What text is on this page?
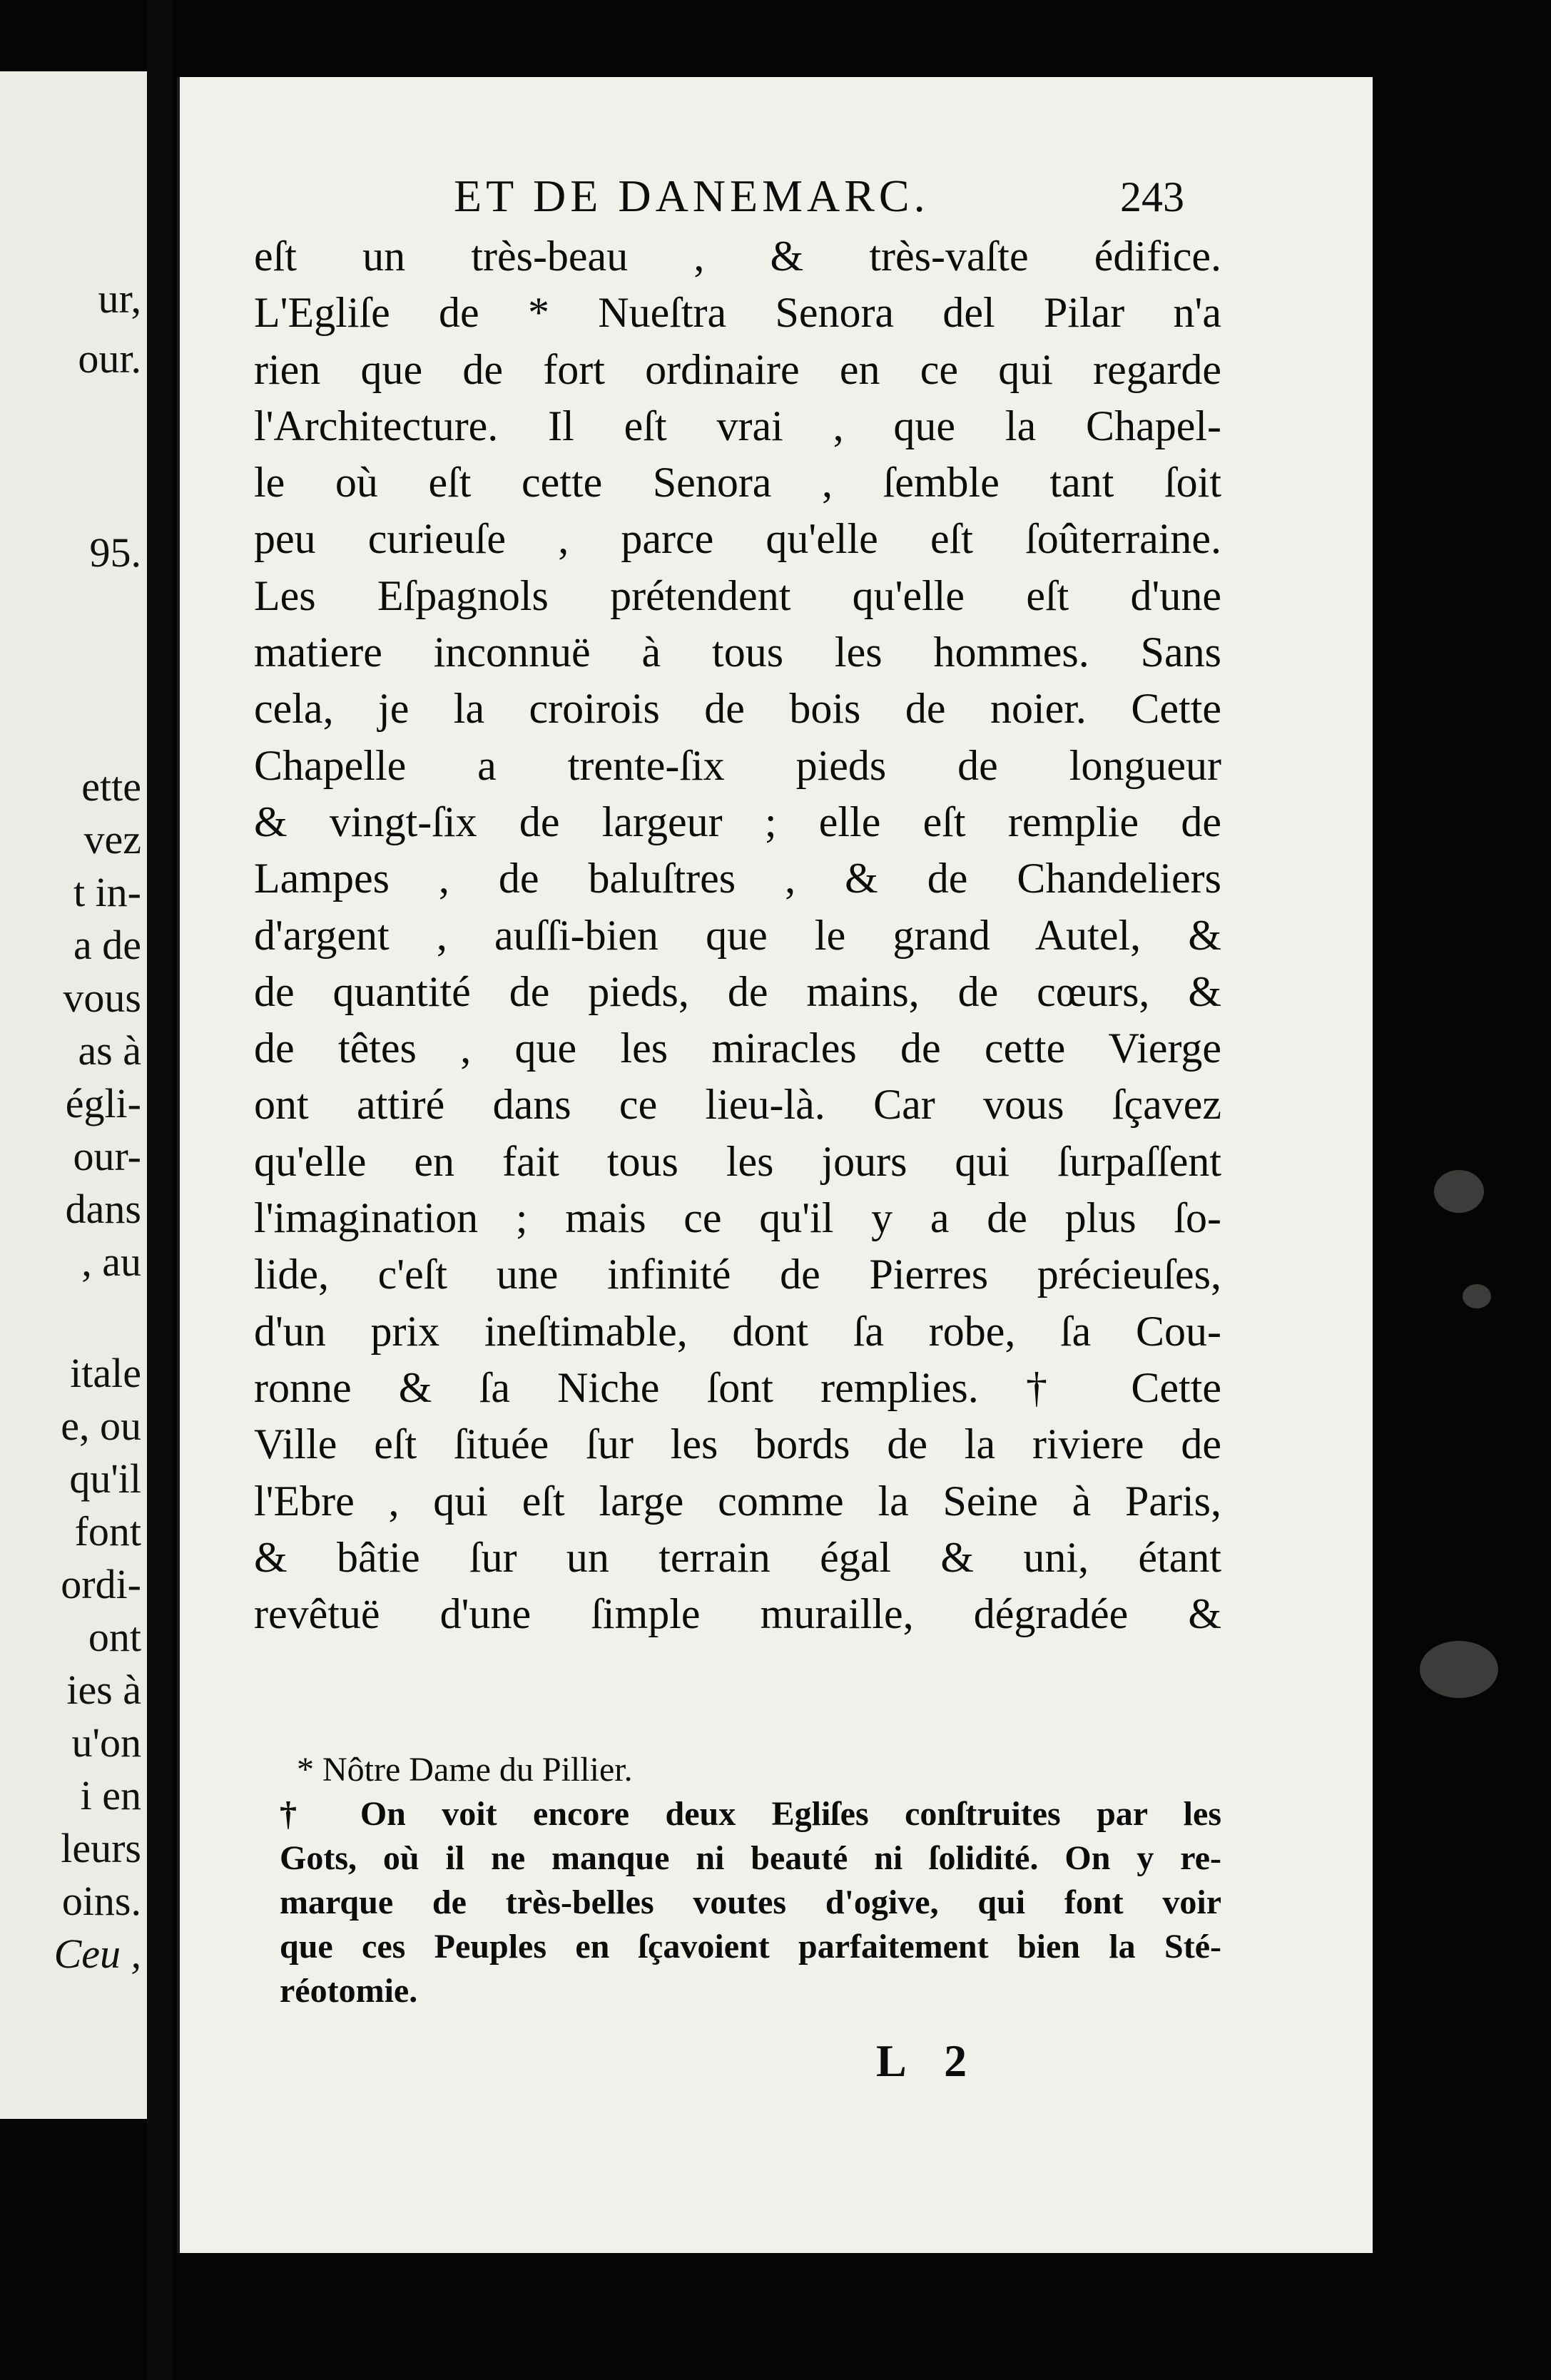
ur,
our.
95.
ette
vez
t in-
a de
vous
as à
égli-
our-
dans
, au
itale
e, ou
qu'il
font
ordi-
ont
ies à
u'on
i en
leurs
oins.
Ceu ,
ET DE DANEMARC.	243
eſt un très-beau , & très-vaſte édifice.
L'Egliſe de * Nueſtra Senora del Pilar n'a
rien que de fort ordinaire en ce qui regarde
l'Architecture. Il eſt vrai , que la Chapel-
le où eſt cette Senora , ſemble tant ſoit
peu curieuſe , parce qu'elle eſt ſoûterraine.
Les Eſpagnols prétendent qu'elle eſt d'une
matiere inconnuë à tous les hommes. Sans
cela, je la croirois de bois de noier. Cette
Chapelle a trente-ſix pieds de longueur
& vingt-ſix de largeur ; elle eſt remplie de
Lampes , de baluſtres , & de Chandeliers
d'argent , auſſi-bien que le grand Autel, &
de quantité de pieds, de mains, de cœurs, &
de têtes , que les miracles de cette Vierge
ont attiré dans ce lieu-là. Car vous ſçavez
qu'elle en fait tous les jours qui ſurpaſſent
l'imagination ; mais ce qu'il y a de plus ſo-
lide, c'eſt une infinité de Pierres précieuſes,
d'un prix ineſtimable, dont ſa robe, ſa Cou-
ronne & ſa Niche ſont remplies. † Cette
Ville eſt ſituée ſur les bords de la riviere de
l'Ebre , qui eſt large comme la Seine à Paris,
& bâtie ſur un terrain égal & uni, étant
revêtuë d'une ſimple muraille, dégradée &
* Nôtre Dame du Pillier.
† On voit encore deux Egliſes conſtruites par les
Gots, où il ne manque ni beauté ni ſolidité. On y re-
marque de très-belles voutes d'ogive, qui font voir
que ces Peuples en ſçavoient parfaitement bien la Sté-
réotomie.
L 2
